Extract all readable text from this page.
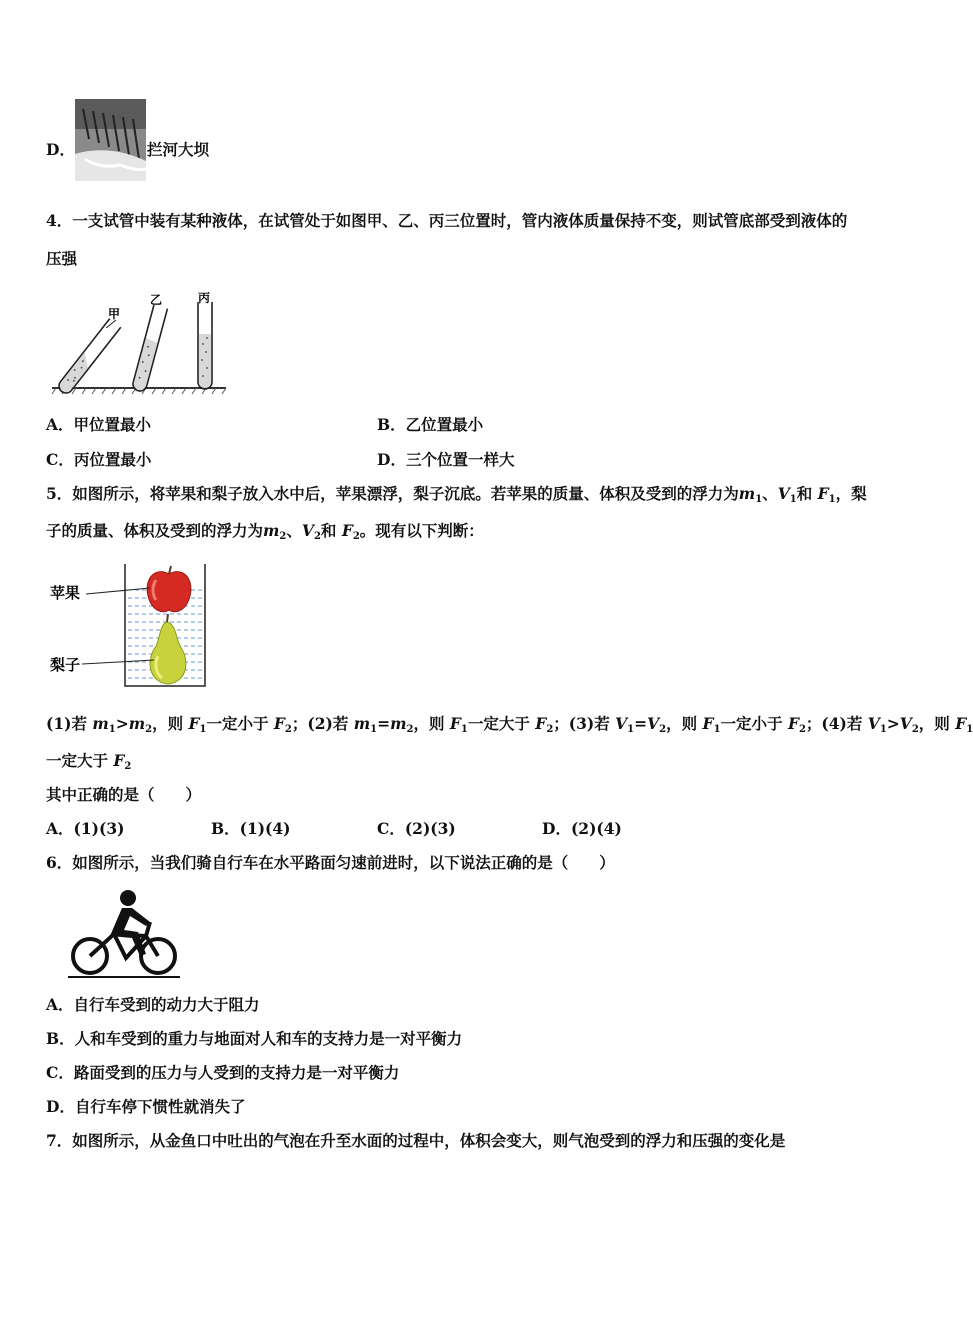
D．	拦河大坝
4．一支试管中装有某种液体，在试管处于如图甲、乙、丙三位置时，管内液体质量保持不变，则试管底部受到液体的
压强
甲
乙	丙
A．甲位置最小	B．乙位置最小
C．丙位置最小	D．三个位置一样大
5．如图所示，将苹果和梨子放入水中后，苹果漂浮，梨子沉底。若苹果的质量、体积及受到的浮力为$m_1$、$V_1$和 $F_1$，梨
子的质量、体积及受到的浮力为$m_2$、$V_2$和 $F_2$。现有以下判断：
苹果
梨子
(1)若 $m_1>m_2$，则 $F_1$一定小于 $F_2$；(2)若 $m_1=m_2$，则 $F_1$一定大于 $F_2$；(3)若 $V_1=V_2$，则 $F_1$一定小于 $F_2$；(4)若 $V_1>V_2$，则 $F_1$
一定大于 $F_2$
其中正确的是（　　）
A．(1)(3)	B．(1)(4)	C．(2)(3)	D．(2)(4)
6．如图所示，当我们骑自行车在水平路面匀速前进时，以下说法正确的是（　　）
A．自行车受到的动力大于阻力
B．人和车受到的重力与地面对人和车的支持力是一对平衡力
C．路面受到的压力与人受到的支持力是一对平衡力
D．自行车停下惯性就消失了
7．如图所示，从金鱼口中吐出的气泡在升至水面的过程中，体积会变大，则气泡受到的浮力和压强的变化是
